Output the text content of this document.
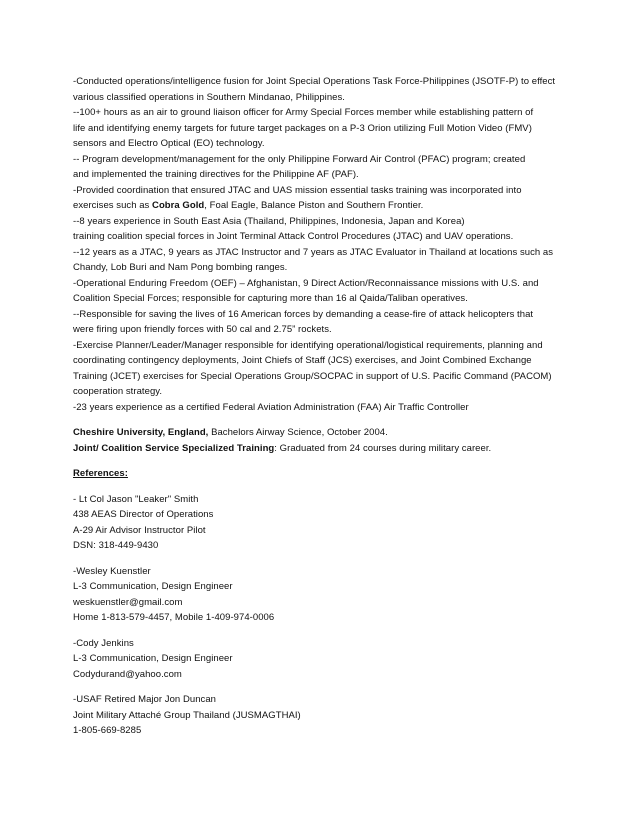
-Conducted operations/intelligence fusion for Joint Special Operations Task Force-Philippines (JSOTF-P) to effect
various classified operations in Southern Mindanao, Philippines.
--100+ hours as an air to ground liaison officer for Army Special Forces member while establishing pattern of
life and identifying enemy targets for future target packages on a P-3 Orion utilizing Full Motion Video (FMV)
sensors and Electro Optical (EO) technology.
-- Program development/management for the only Philippine Forward Air Control (PFAC) program; created
and implemented the training directives for the Philippine AF (PAF).
-Provided coordination that ensured JTAC and UAS mission essential tasks training was incorporated into
exercises such as Cobra Gold, Foal Eagle, Balance Piston and Southern Frontier.
--8 years experience in South East Asia (Thailand, Philippines, Indonesia, Japan and Korea)
training coalition special forces in Joint Terminal Attack Control Procedures (JTAC) and UAV operations.
--12 years as a JTAC, 9 years as JTAC Instructor and 7 years as JTAC Evaluator in Thailand at locations such as
Chandy, Lob Buri and Nam Pong bombing ranges.
-Operational Enduring Freedom (OEF) – Afghanistan, 9 Direct Action/Reconnaissance missions with U.S. and
Coalition Special Forces; responsible for capturing more than 16 al Qaida/Taliban operatives.
--Responsible for saving the lives of 16 American forces by demanding a cease-fire of attack helicopters that
were firing upon friendly forces with 50 cal and 2.75” rockets.
-Exercise Planner/Leader/Manager responsible for identifying operational/logistical requirements, planning and
coordinating contingency deployments, Joint Chiefs of Staff (JCS) exercises, and Joint Combined Exchange
Training (JCET) exercises for Special Operations Group/SOCPAC in support of U.S. Pacific Command (PACOM)
cooperation strategy.
-23 years experience as a certified Federal Aviation Administration (FAA) Air Traffic Controller
Cheshire University, England, Bachelors Airway Science, October 2004.
Joint/ Coalition Service Specialized Training: Graduated from 24 courses during military career.
References:
- Lt Col Jason "Leaker" Smith
438 AEAS Director of Operations
A-29 Air Advisor Instructor Pilot
DSN: 318-449-9430
-Wesley Kuenstler
L-3 Communication, Design Engineer
weskuenstler@gmail.com
Home 1-813-579-4457, Mobile 1-409-974-0006
-Cody Jenkins
L-3 Communication, Design Engineer
Codydurand@yahoo.com
-USAF Retired Major Jon Duncan
Joint Military Attaché Group Thailand (JUSMAGTHAI)
1-805-669-8285
